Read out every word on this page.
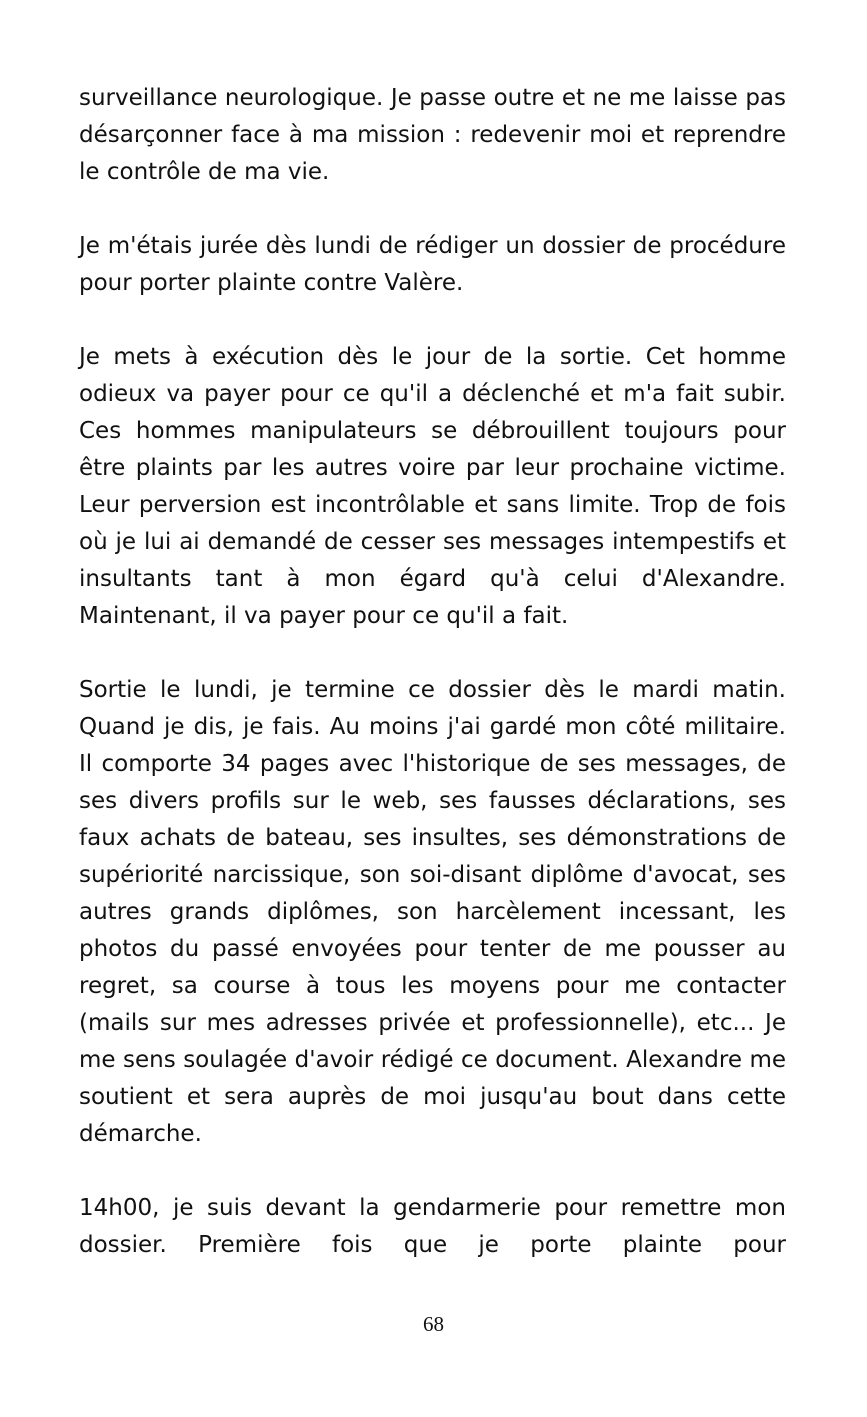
surveillance neurologique. Je passe outre et ne me laisse pas désarçonner face à ma mission : redevenir moi et reprendre le contrôle de ma vie.

Je m'étais jurée dès lundi de rédiger un dossier de procédure pour porter plainte contre Valère.

Je mets à exécution dès le jour de la sortie. Cet homme odieux va payer pour ce qu'il a déclenché et m'a fait subir. Ces hommes manipulateurs se débrouillent toujours pour être plaints par les autres voire par leur prochaine victime. Leur perversion est incontrôlable et sans limite. Trop de fois où je lui ai demandé de cesser ses messages intempestifs et insultants tant à mon égard qu'à celui d'Alexandre. Maintenant, il va payer pour ce qu'il a fait.

Sortie le lundi, je termine ce dossier dès le mardi matin. Quand je dis, je fais. Au moins j'ai gardé mon côté militaire. Il comporte 34 pages avec l'historique de ses messages, de ses divers profils sur le web, ses fausses déclarations, ses faux achats de bateau, ses insultes, ses démonstrations de supériorité narcissique, son soi-disant diplôme d'avocat, ses autres grands diplômes, son harcèlement incessant, les photos du passé envoyées pour tenter de me pousser au regret, sa course à tous les moyens pour me contacter (mails sur mes adresses privée et professionnelle), etc... Je me sens soulagée d'avoir rédigé ce document. Alexandre me soutient et sera auprès de moi jusqu'au bout dans cette démarche.

14h00, je suis devant la gendarmerie pour remettre mon dossier. Première fois que je porte plainte pour

68
